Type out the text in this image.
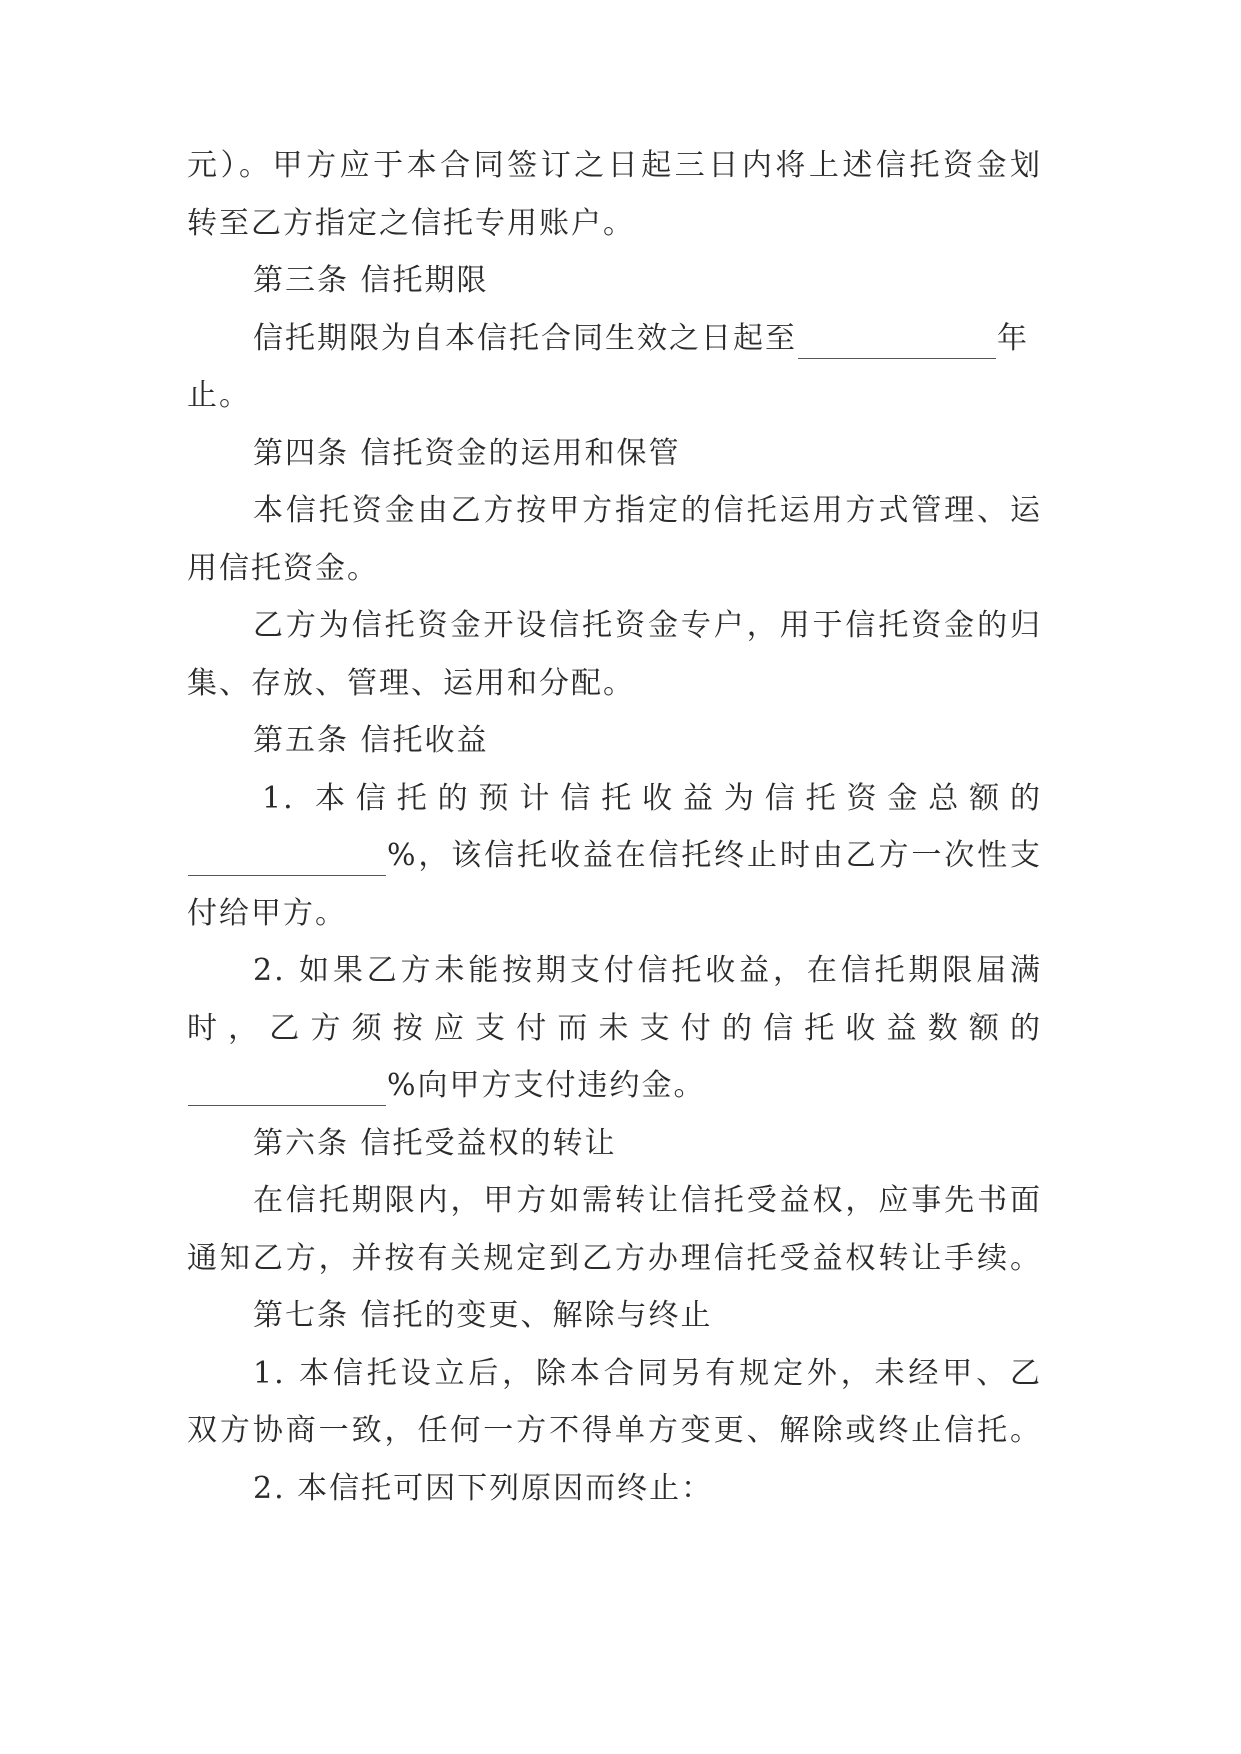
元）。甲方应于本合同签订之日起三日内将上述信托资金划
转至乙方指定之信托专用账户。
第三条 信托期限
信托期限为自本信托合同生效之日起至	年
止。
第四条 信托资金的运用和保管
本信托资金由乙方按甲方指定的信托运用方式管理、运
用信托资金。
乙方为信托资金开设信托资金专户，用于信托资金的归
集、存放、管理、运用和分配。
第五条 信托收益
1. 本信托的预计信托收益为信托资金总额的
%，该信托收益在信托终止时由乙方一次性支
付给甲方。
2. 如果乙方未能按期支付信托收益，在信托期限届满
时，乙方须按应支付而未支付的信托收益数额的
%向甲方支付违约金。
第六条 信托受益权的转让
在信托期限内，甲方如需转让信托受益权，应事先书面
通知乙方，并按有关规定到乙方办理信托受益权转让手续。
第七条 信托的变更、解除与终止
1. 本信托设立后，除本合同另有规定外，未经甲、乙
双方协商一致，任何一方不得单方变更、解除或终止信托。
2. 本信托可因下列原因而终止：
